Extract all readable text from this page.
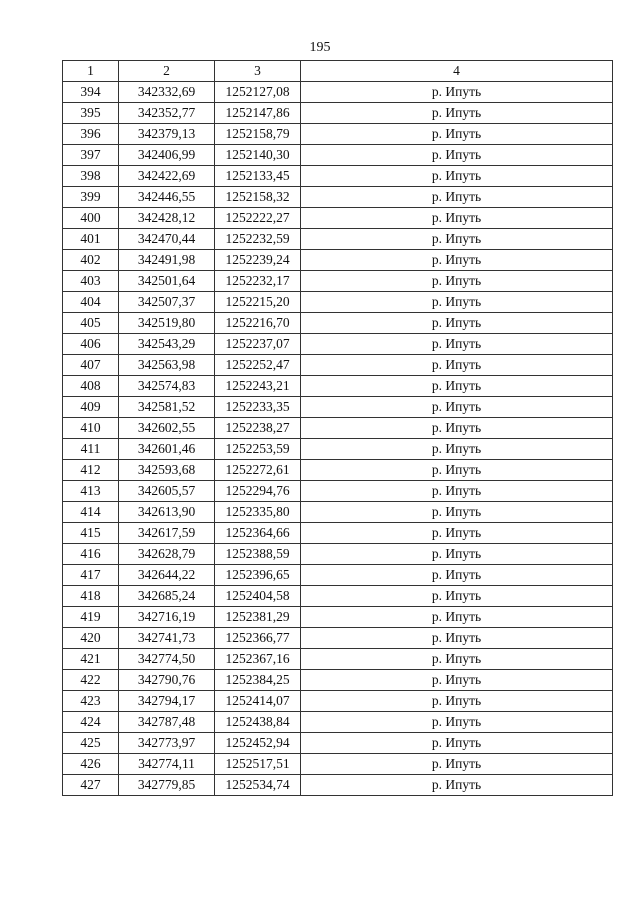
195
1	2	3	4
394	342332,69	1252127,08	р. Ипуть
395	342352,77	1252147,86	р. Ипуть
396	342379,13	1252158,79	р. Ипуть
397	342406,99	1252140,30	р. Ипуть
398	342422,69	1252133,45	р. Ипуть
399	342446,55	1252158,32	р. Ипуть
400	342428,12	1252222,27	р. Ипуть
401	342470,44	1252232,59	р. Ипуть
402	342491,98	1252239,24	р. Ипуть
403	342501,64	1252232,17	р. Ипуть
404	342507,37	1252215,20	р. Ипуть
405	342519,80	1252216,70	р. Ипуть
406	342543,29	1252237,07	р. Ипуть
407	342563,98	1252252,47	р. Ипуть
408	342574,83	1252243,21	р. Ипуть
409	342581,52	1252233,35	р. Ипуть
410	342602,55	1252238,27	р. Ипуть
411	342601,46	1252253,59	р. Ипуть
412	342593,68	1252272,61	р. Ипуть
413	342605,57	1252294,76	р. Ипуть
414	342613,90	1252335,80	р. Ипуть
415	342617,59	1252364,66	р. Ипуть
416	342628,79	1252388,59	р. Ипуть
417	342644,22	1252396,65	р. Ипуть
418	342685,24	1252404,58	р. Ипуть
419	342716,19	1252381,29	р. Ипуть
420	342741,73	1252366,77	р. Ипуть
421	342774,50	1252367,16	р. Ипуть
422	342790,76	1252384,25	р. Ипуть
423	342794,17	1252414,07	р. Ипуть
424	342787,48	1252438,84	р. Ипуть
425	342773,97	1252452,94	р. Ипуть
426	342774,11	1252517,51	р. Ипуть
427	342779,85	1252534,74	р. Ипуть
